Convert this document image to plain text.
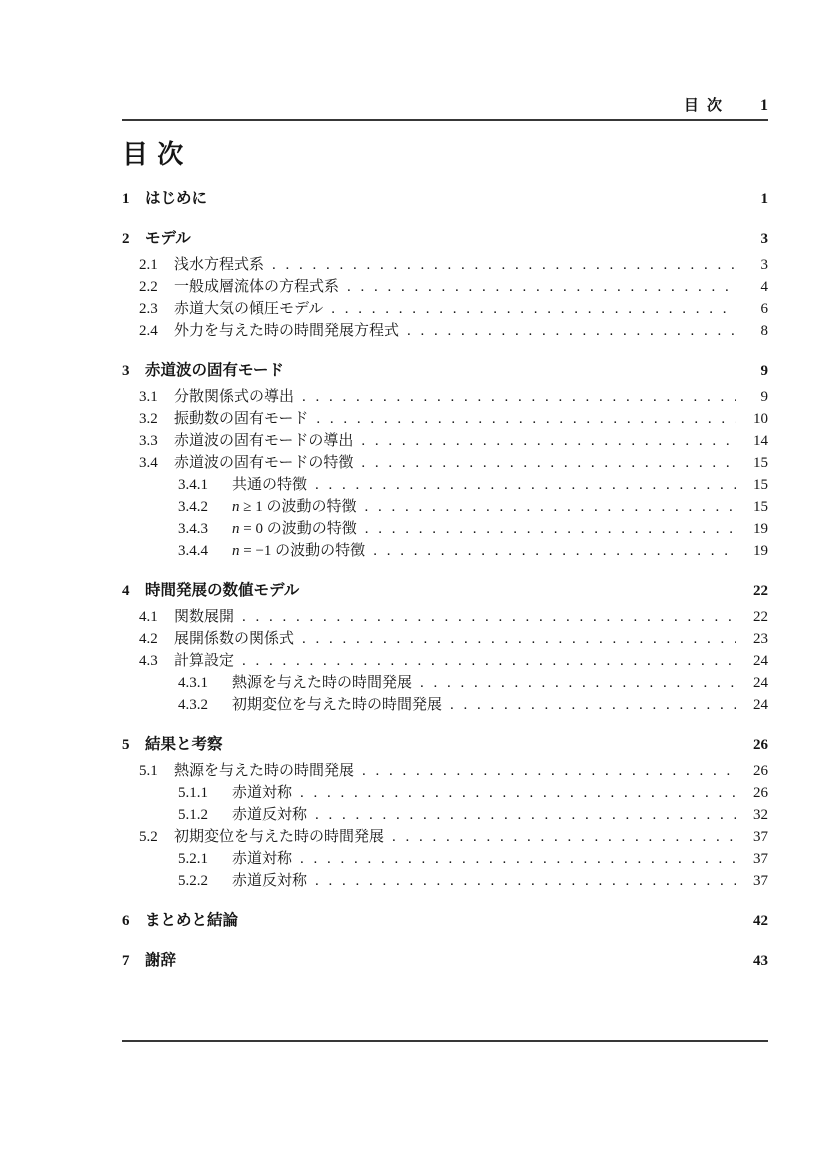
目 次 1
目 次
1	はじめに	1
2	モデル	3
2.1	浅水方程式系 . . .	3
2.2	一般成層流体の方程式系 . . .	4
2.3	赤道大気の傾圧モデル . . .	6
2.4	外力を与えた時の時間発展方程式 . . .	8
3	赤道波の固有モード	9
3.1	分散関係式の導出 . . .	9
3.2	振動数の固有モード . . .	10
3.3	赤道波の固有モードの導出 . . .	14
3.4	赤道波の固有モードの特徴 . . .	15
3.4.1	共通の特徴 . . .	15
3.4.2	n ≥ 1 の波動の特徴 . . .	15
3.4.3	n = 0 の波動の特徴 . . .	19
3.4.4	n = −1 の波動の特徴 . . .	19
4	時間発展の数値モデル	22
4.1	関数展開 . . .	22
4.2	展開係数の関係式 . . .	23
4.3	計算設定 . . .	24
4.3.1	熱源を与えた時の時間発展 . . .	24
4.3.2	初期変位を与えた時の時間発展 . . .	24
5	結果と考察	26
5.1	熱源を与えた時の時間発展 . . .	26
5.1.1	赤道対称 . . .	26
5.1.2	赤道反対称 . . .	32
5.2	初期変位を与えた時の時間発展 . . .	37
5.2.1	赤道対称 . . .	37
5.2.2	赤道反対称 . . .	37
6	まとめと結論	42
7	謝辞	43
